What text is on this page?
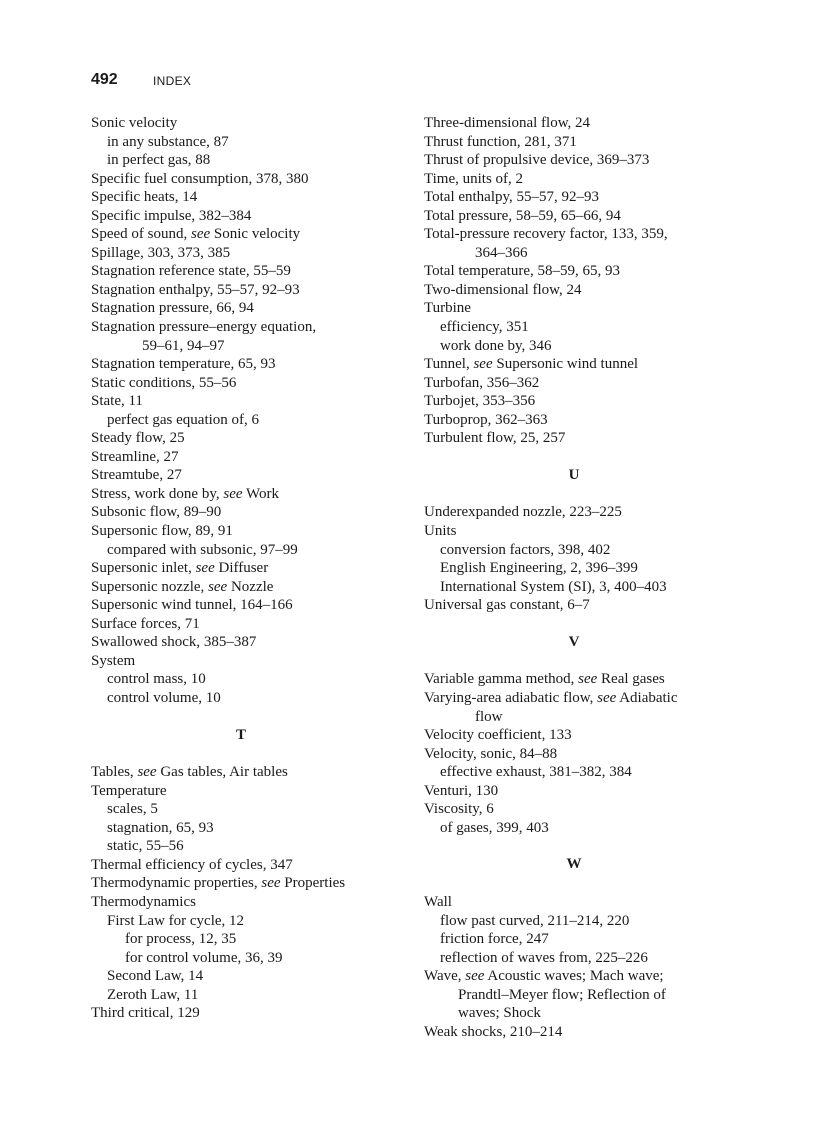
492	INDEX
Sonic velocity
in any substance, 87
in perfect gas, 88
Specific fuel consumption, 378, 380
Specific heats, 14
Specific impulse, 382–384
Speed of sound, see Sonic velocity
Spillage, 303, 373, 385
Stagnation reference state, 55–59
Stagnation enthalpy, 55–57, 92–93
Stagnation pressure, 66, 94
Stagnation pressure–energy equation,
59–61, 94–97
Stagnation temperature, 65, 93
Static conditions, 55–56
State, 11
perfect gas equation of, 6
Steady flow, 25
Streamline, 27
Streamtube, 27
Stress, work done by, see Work
Subsonic flow, 89–90
Supersonic flow, 89, 91
compared with subsonic, 97–99
Supersonic inlet, see Diffuser
Supersonic nozzle, see Nozzle
Supersonic wind tunnel, 164–166
Surface forces, 71
Swallowed shock, 385–387
System
control mass, 10
control volume, 10
T
Tables, see Gas tables, Air tables
Temperature
scales, 5
stagnation, 65, 93
static, 55–56
Thermal efficiency of cycles, 347
Thermodynamic properties, see Properties
Thermodynamics
First Law for cycle, 12
for process, 12, 35
for control volume, 36, 39
Second Law, 14
Zeroth Law, 11
Third critical, 129
Three-dimensional flow, 24
Thrust function, 281, 371
Thrust of propulsive device, 369–373
Time, units of, 2
Total enthalpy, 55–57, 92–93
Total pressure, 58–59, 65–66, 94
Total-pressure recovery factor, 133, 359,
364–366
Total temperature, 58–59, 65, 93
Two-dimensional flow, 24
Turbine
efficiency, 351
work done by, 346
Tunnel, see Supersonic wind tunnel
Turbofan, 356–362
Turbojet, 353–356
Turboprop, 362–363
Turbulent flow, 25, 257
U
Underexpanded nozzle, 223–225
Units
conversion factors, 398, 402
English Engineering, 2, 396–399
International System (SI), 3, 400–403
Universal gas constant, 6–7
V
Variable gamma method, see Real gases
Varying-area adiabatic flow, see Adiabatic
flow
Velocity coefficient, 133
Velocity, sonic, 84–88
effective exhaust, 381–382, 384
Venturi, 130
Viscosity, 6
of gases, 399, 403
W
Wall
flow past curved, 211–214, 220
friction force, 247
reflection of waves from, 225–226
Wave, see Acoustic waves; Mach wave;
Prandtl–Meyer flow; Reflection of
waves; Shock
Weak shocks, 210–214
